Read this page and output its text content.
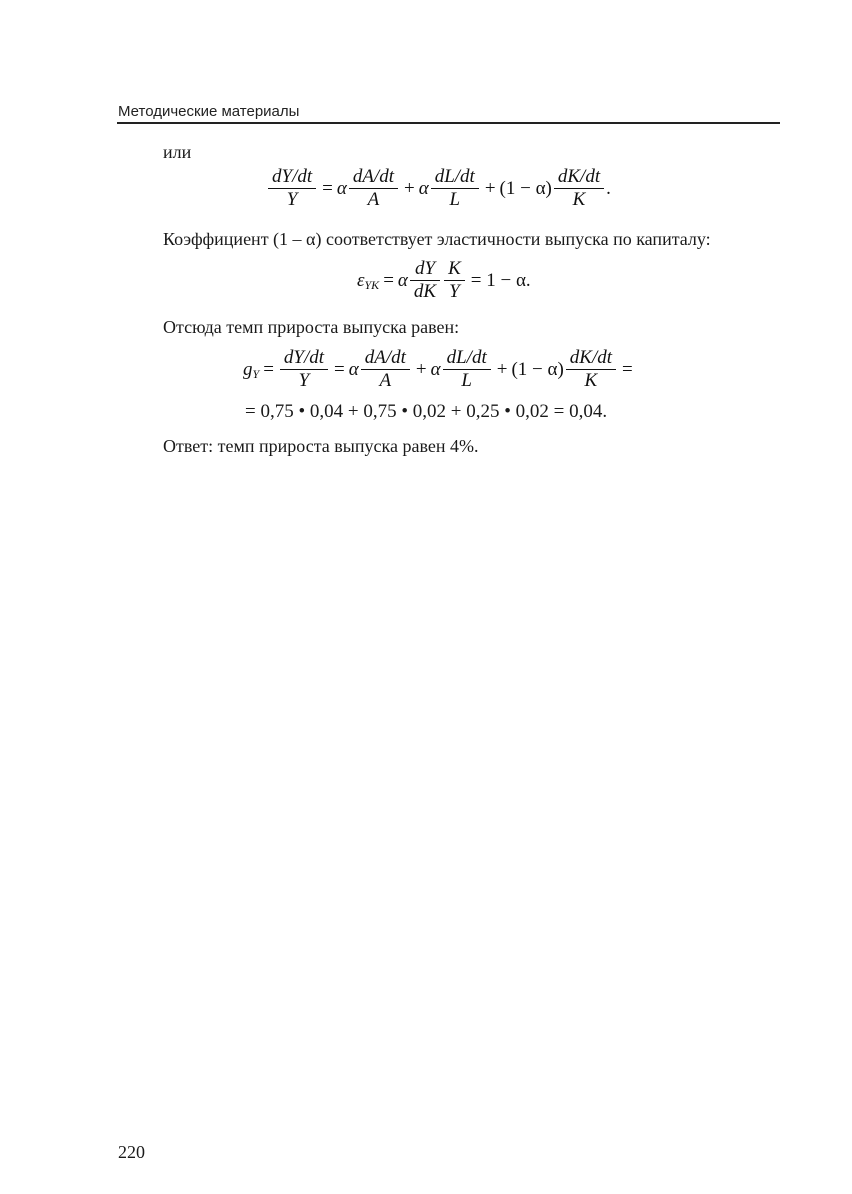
Методические материалы
или
$\frac{dY/dt}{Y} = \alpha \frac{dA/dt}{A} + \alpha \frac{dL/dt}{L} + (1 - \alpha) \frac{dK/dt}{K}$ .
Коэффициент (1 – α) соответствует эластичности выпуска по капиталу:
ε YK = α $\frac{dY}{dK} \frac{K}{Y} = 1 - \alpha$.
Отсюда темп прироста выпуска равен:
g $Y = \frac{dY/dt}{Y} = \alpha \frac{dA/dt}{A} + \alpha \frac{dL/dt}{L} + (1 - \alpha) \frac{dK/dt}{K}$ =
= 0,75 • 0,04 + 0,75 • 0,02 + 0,25 • 0,02 = 0,04.
Ответ: темп прироста выпуска равен 4%.
220
